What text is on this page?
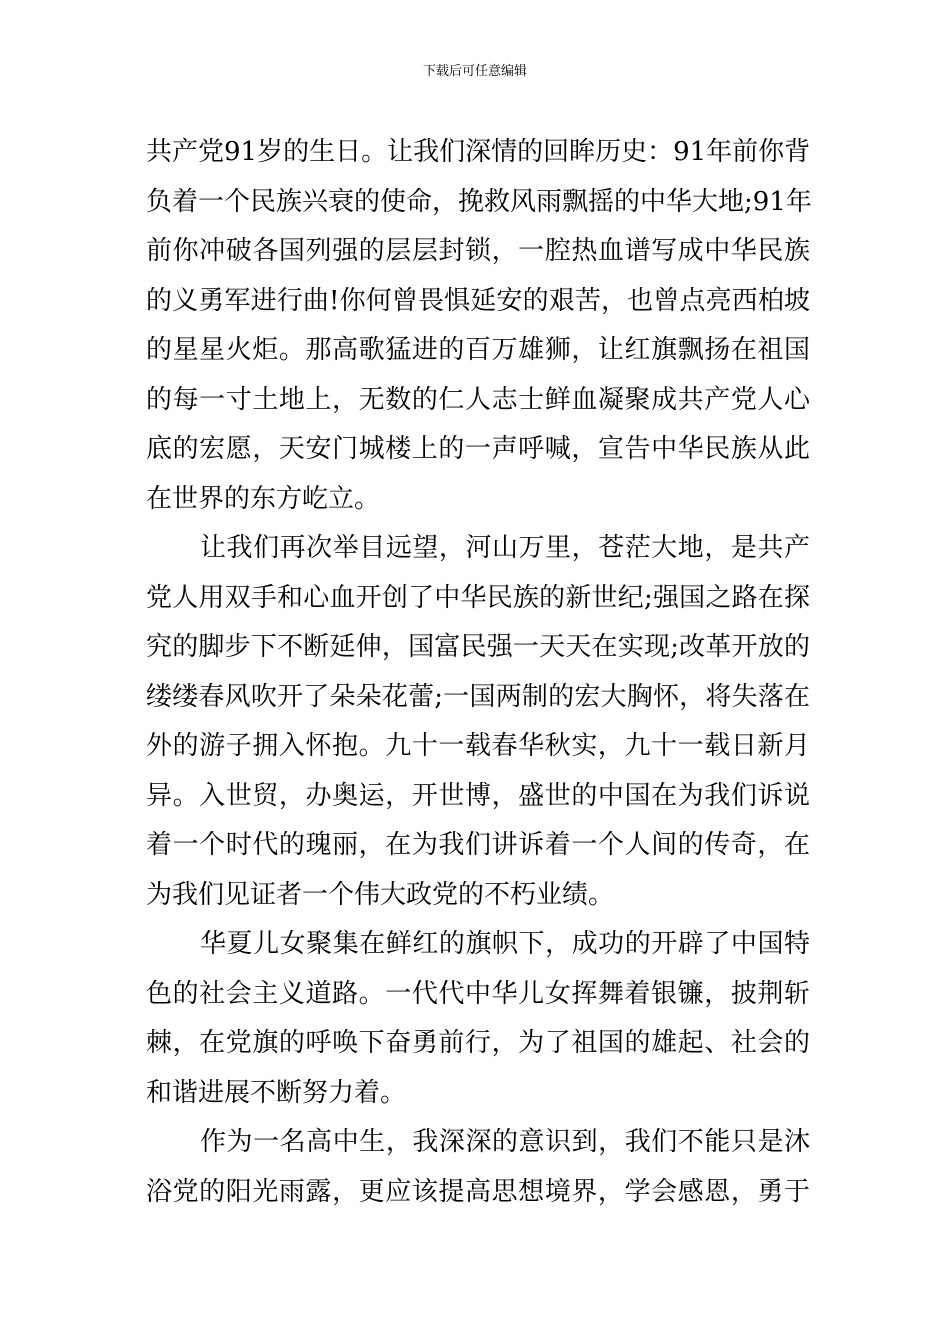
下载后可任意编辑
共产党91岁的生日。让我们深情的回眸历史：91年前你背
负着一个民族兴衰的使命，挽救风雨飘摇的中华大地;91年
前你冲破各国列强的层层封锁，一腔热血谱写成中华民族
的义勇军进行曲!你何曾畏惧延安的艰苦，也曾点亮西柏坡
的星星火炬。那高歌猛进的百万雄狮，让红旗飘扬在祖国
的每一寸土地上，无数的仁人志士鲜血凝聚成共产党人心
底的宏愿，天安门城楼上的一声呼喊，宣告中华民族从此
在世界的东方屹立。
让我们再次举目远望，河山万里，苍茫大地，是共产
党人用双手和心血开创了中华民族的新世纪;强国之路在探
究的脚步下不断延伸，国富民强一天天在实现;改革开放的
缕缕春风吹开了朵朵花蕾;一国两制的宏大胸怀，将失落在
外的游子拥入怀抱。九十一载春华秋实，九十一载日新月
异。入世贸，办奥运，开世博，盛世的中国在为我们诉说
着一个时代的瑰丽，在为我们讲诉着一个人间的传奇，在
为我们见证者一个伟大政党的不朽业绩。
华夏儿女聚集在鲜红的旗帜下，成功的开辟了中国特
色的社会主义道路。一代代中华儿女挥舞着银镰，披荆斩
棘，在党旗的呼唤下奋勇前行，为了祖国的雄起、社会的
和谐进展不断努力着。
作为一名高中生，我深深的意识到，我们不能只是沐
浴党的阳光雨露，更应该提高思想境界，学会感恩，勇于
